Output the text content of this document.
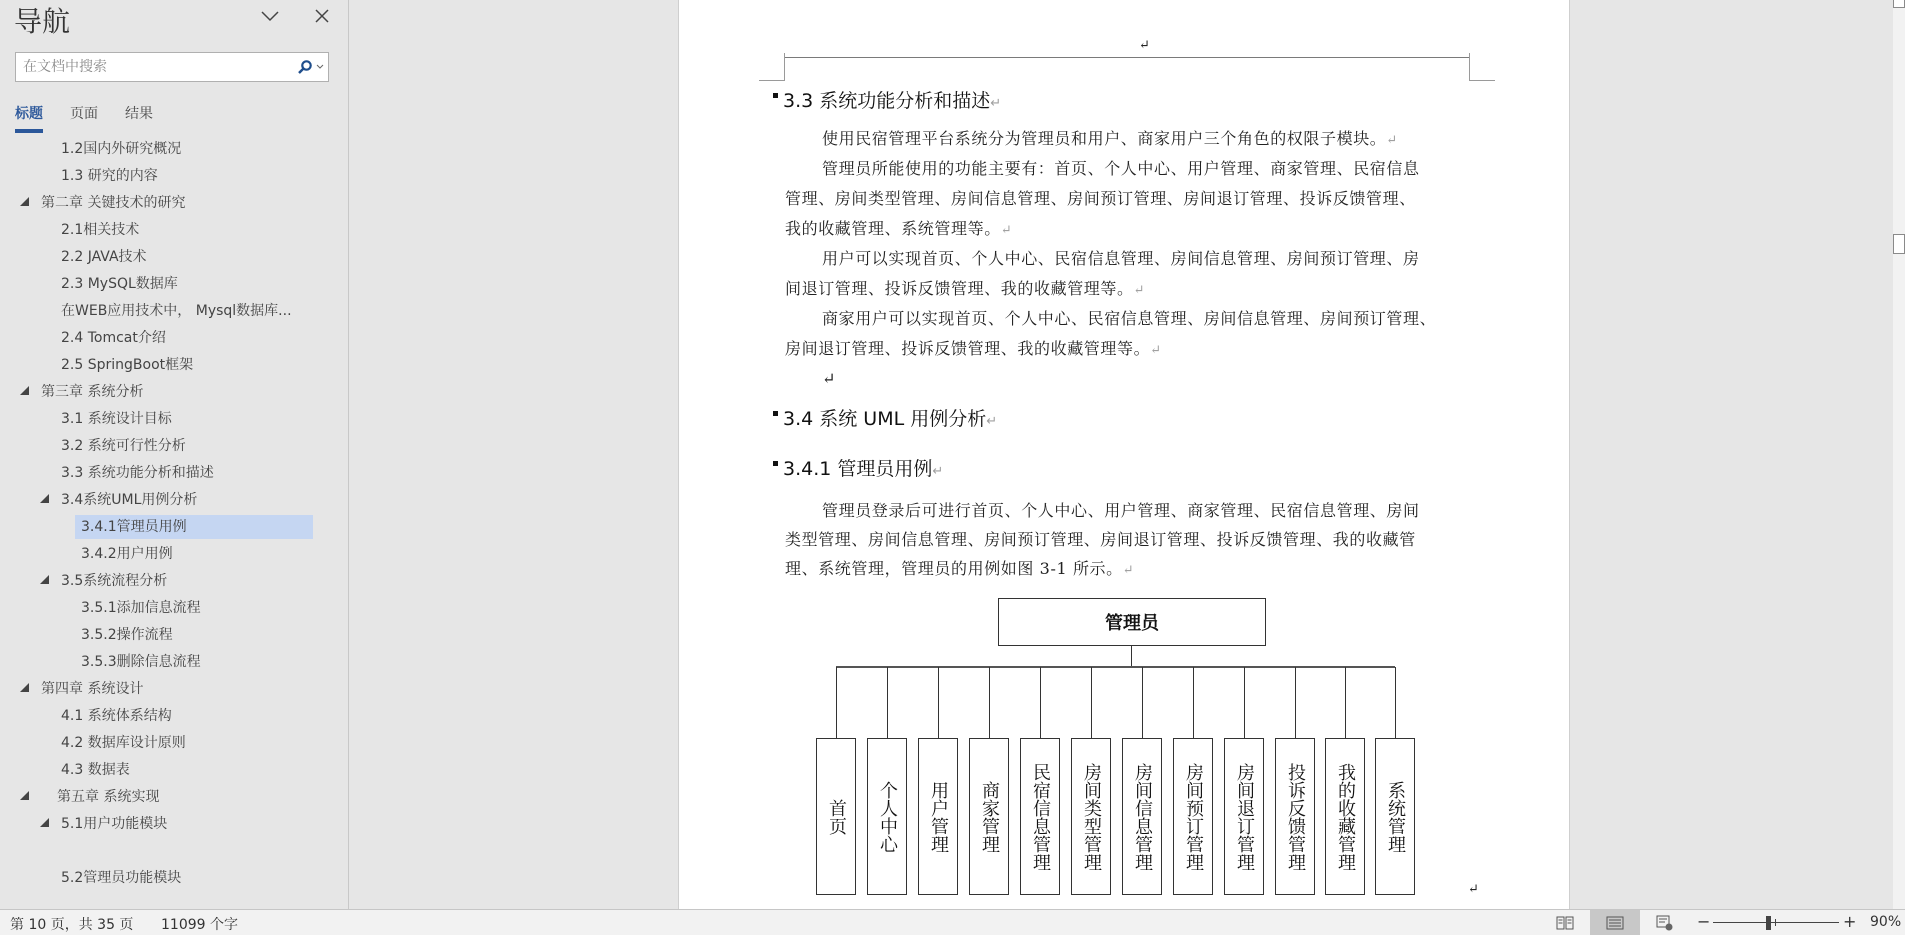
导航
在文档中搜索
标题 页面 结果
1.2国内外研究概况
1.3 研究的内容
第二章 关键技术的研究
2.1相关技术
2.2 JAVA技术
2.3 MySQL数据库
在WEB应用技术中， Mysql数据库...
2.4 Tomcat介绍
2.5 SpringBoot框架
第三章 系统分析
3.1 系统设计目标
3.2 系统可行性分析
3.3 系统功能分析和描述
3.4系统UML用例分析
3.4.1管理员用例
3.4.2用户用例
3.5系统流程分析
3.5.1添加信息流程
3.5.2操作流程
3.5.3删除信息流程
第四章 系统设计
4.1 系统体系结构
4.2 数据库设计原则
4.3 数据表
第五章 系统实现
5.1用户功能模块
5.2管理员功能模块
↵
3.3 系统功能分析和描述↵
使用民宿管理平台系统分为管理员和用户、商家用户三个角色的权限子模块。↵
管理员所能使用的功能主要有：首页、个人中心、用户管理、商家管理、民宿信息
管理、房间类型管理、房间信息管理、房间预订管理、房间退订管理、投诉反馈管理、
我的收藏管理、系统管理等。↵
用户可以实现首页、个人中心、民宿信息管理、房间信息管理、房间预订管理、房
间退订管理、投诉反馈管理、我的收藏管理等。↵
商家用户可以实现首页、个人中心、民宿信息管理、房间信息管理、房间预订管理、
房间退订管理、投诉反馈管理、我的收藏管理等。↵
↵
3.4 系统 UML 用例分析↵
3.4.1 管理员用例↵
管理员登录后可进行首页、个人中心、用户管理、商家管理、民宿信息管理、房间
类型管理、房间信息管理、房间预订管理、房间退订管理、投诉反馈管理、我的收藏管
理、系统管理，管理员的用例如图 3-1 所示。↵
管理员
首页	个人中心	用户管理	商家管理	民宿信息管理	房间类型管理	房间信息管理	房间预订管理	房间退订管理	投诉反馈管理	我的收藏管理	系统管理
↵
第 10 页，共 35 页 11099 个字	−	+ 90%
